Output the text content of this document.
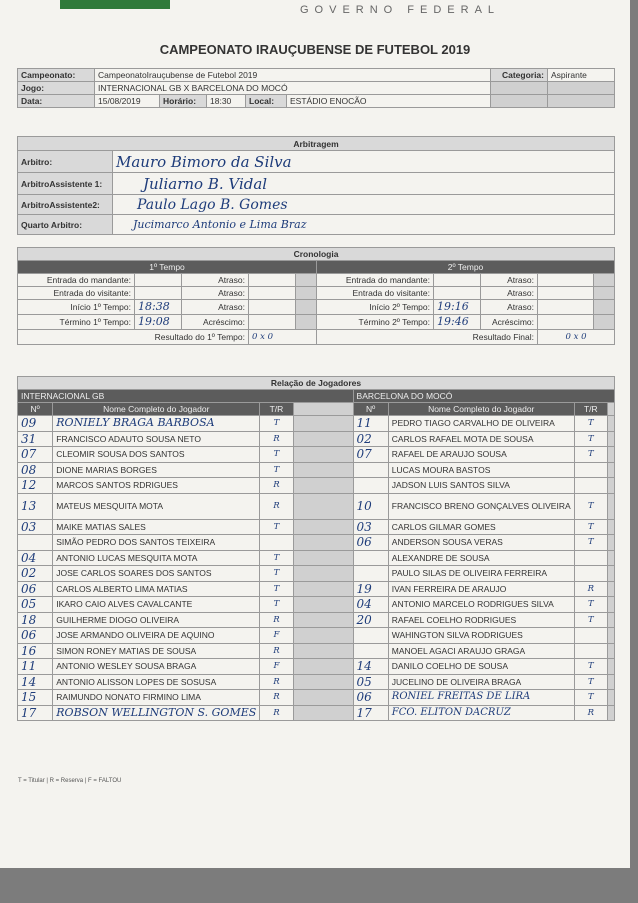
GOVERNO FEDERAL
CAMPEONATO IRAUÇUBENSE DE FUTEBOL 2019
Campeonato:	CampeonatoIrauçubense de Futebol 2019					Categoria:	Aspirante
Jogo:	INTERNACIONAL GB X BARCELONA DO MOCÓ						
Data:	15/08/2019	Horário:	18:30	Local:	ESTÁDIO ENOCÃO		
Arbitragem	
Arbitro:	Mauro Bimoro da Silva
ArbitroAssistente 1:	Juliarno B. Vidal
ArbitroAssistente2:	Paulo Lago B. Gomes
Quarto Arbitro:	Jucimarco Antonio e Lima Braz
Cronologia									
1º Tempo					2º Tempo				
Entrada do mandante:		Atraso:			Entrada do mandante:		Atraso:		
Entrada do visitante:		Atraso:			Entrada do visitante:		Atraso:		
Início 1º Tempo:	18:38	Atraso:			Início 2º Tempo:	19:16	Atraso:		
Término 1º Tempo:	19:08	Acréscimo:			Término 2º Tempo:	19:46	Acréscimo:		
Resultado do 1º Tempo:			0 x 0		Resultado Final:			0 x 0	
Relação de Jogadores							
INTERNACIONAL GB				BARCELONA DO MOCÓ			
Nº	Nome Completo do Jogador	T/R		Nº	Nome Completo do Jogador	T/R	
09	RONIELY BRAGA BARBOSA	T		11	PEDRO TIAGO CARVALHO DE OLIVEIRA	T	
31	FRANCISCO ADAUTO SOUSA NETO	R		02	CARLOS RAFAEL MOTA DE SOUSA	T	
07	CLEOMIR SOUSA DOS SANTOS	T		07	RAFAEL DE ARAUJO SOUSA	T	
08	DIONE MARIAS BORGES	T			LUCAS MOURA BASTOS		
12	MARCOS SANTOS RDRIGUES	R			JADSON LUIS SANTOS SILVA		
13	MATEUS MESQUITA MOTA	R		10	FRANCISCO BRENO GONÇALVES OLIVEIRA	T	
03	MAIKE MATIAS SALES	T		03	CARLOS GILMAR GOMES	T	
	SIMÃO PEDRO DOS SANTOS TEIXEIRA			06	ANDERSON SOUSA VERAS	T	
04	ANTONIO LUCAS MESQUITA MOTA	T			ALEXANDRE DE SOUSA		
02	JOSE CARLOS SOARES DOS SANTOS	T			PAULO SILAS DE OLIVEIRA FERREIRA		
06	CARLOS ALBERTO LIMA MATIAS	T		19	IVAN FERREIRA DE ARAUJO	R	
05	IKARO CAIO ALVES CAVALCANTE	T		04	ANTONIO MARCELO RODRIGUES SILVA	T	
18	GUILHERME DIOGO OLIVEIRA	R		20	RAFAEL COELHO RODRIGUES	T	
06	JOSE ARMANDO OLIVEIRA DE AQUINO	F			WAHINGTON SILVA RODRIGUES		
16	SIMON RONEY MATIAS DE SOUSA	R			MANOEL AGACI ARAUJO GRAGA		
11	ANTONIO WESLEY SOUSA BRAGA	F		14	DANILO COELHO DE SOUSA	T	
14	ANTONIO ALISSON LOPES DE SOSUSA	R		05	JUCELINO DE OLIVEIRA BRAGA	T	
15	RAIMUNDO NONATO FIRMINO LIMA	R		06	RONIEL FREITAS DE LIRA	T	
17	ROBSON WELLINGTON S. GOMES	R		17	FCO. ELITON DACRUZ	R	
T = Titular | R = Reserva | F = FALTOU
